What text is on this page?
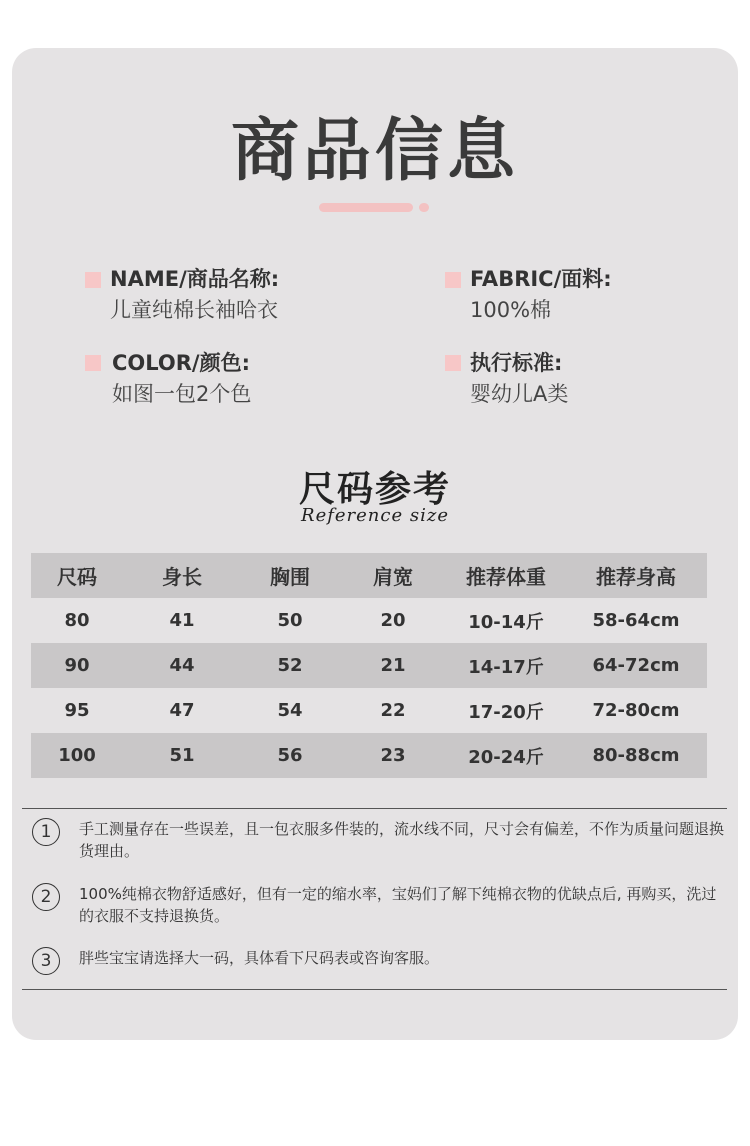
商品信息
NAME/商品名称:
儿童纯棉长袖哈衣
FABRIC/面料:
100%棉
COLOR/颜色:
如图一包2个色
执行标准:
婴幼儿A类
尺码参考
Reference size
尺码	身长	胸围	肩宽	推荐体重	推荐身高
80	41	50	20	10-14斤	58-64cm
90	44	52	21	14-17斤	64-72cm
95	47	54	22	17-20斤	72-80cm
100	51	56	23	20-24斤	80-88cm
1	手工测量存在一些误差，且一包衣服多件装的，流水线不同，尺寸会有偏差，不作为质量问题退换货理由。
2	100%纯棉衣物舒适感好，但有一定的缩水率，宝妈们了解下纯棉衣物的优缺点后, 再购买，洗过的衣服不支持退换货。
3	胖些宝宝请选择大一码，具体看下尺码表或咨询客服。
